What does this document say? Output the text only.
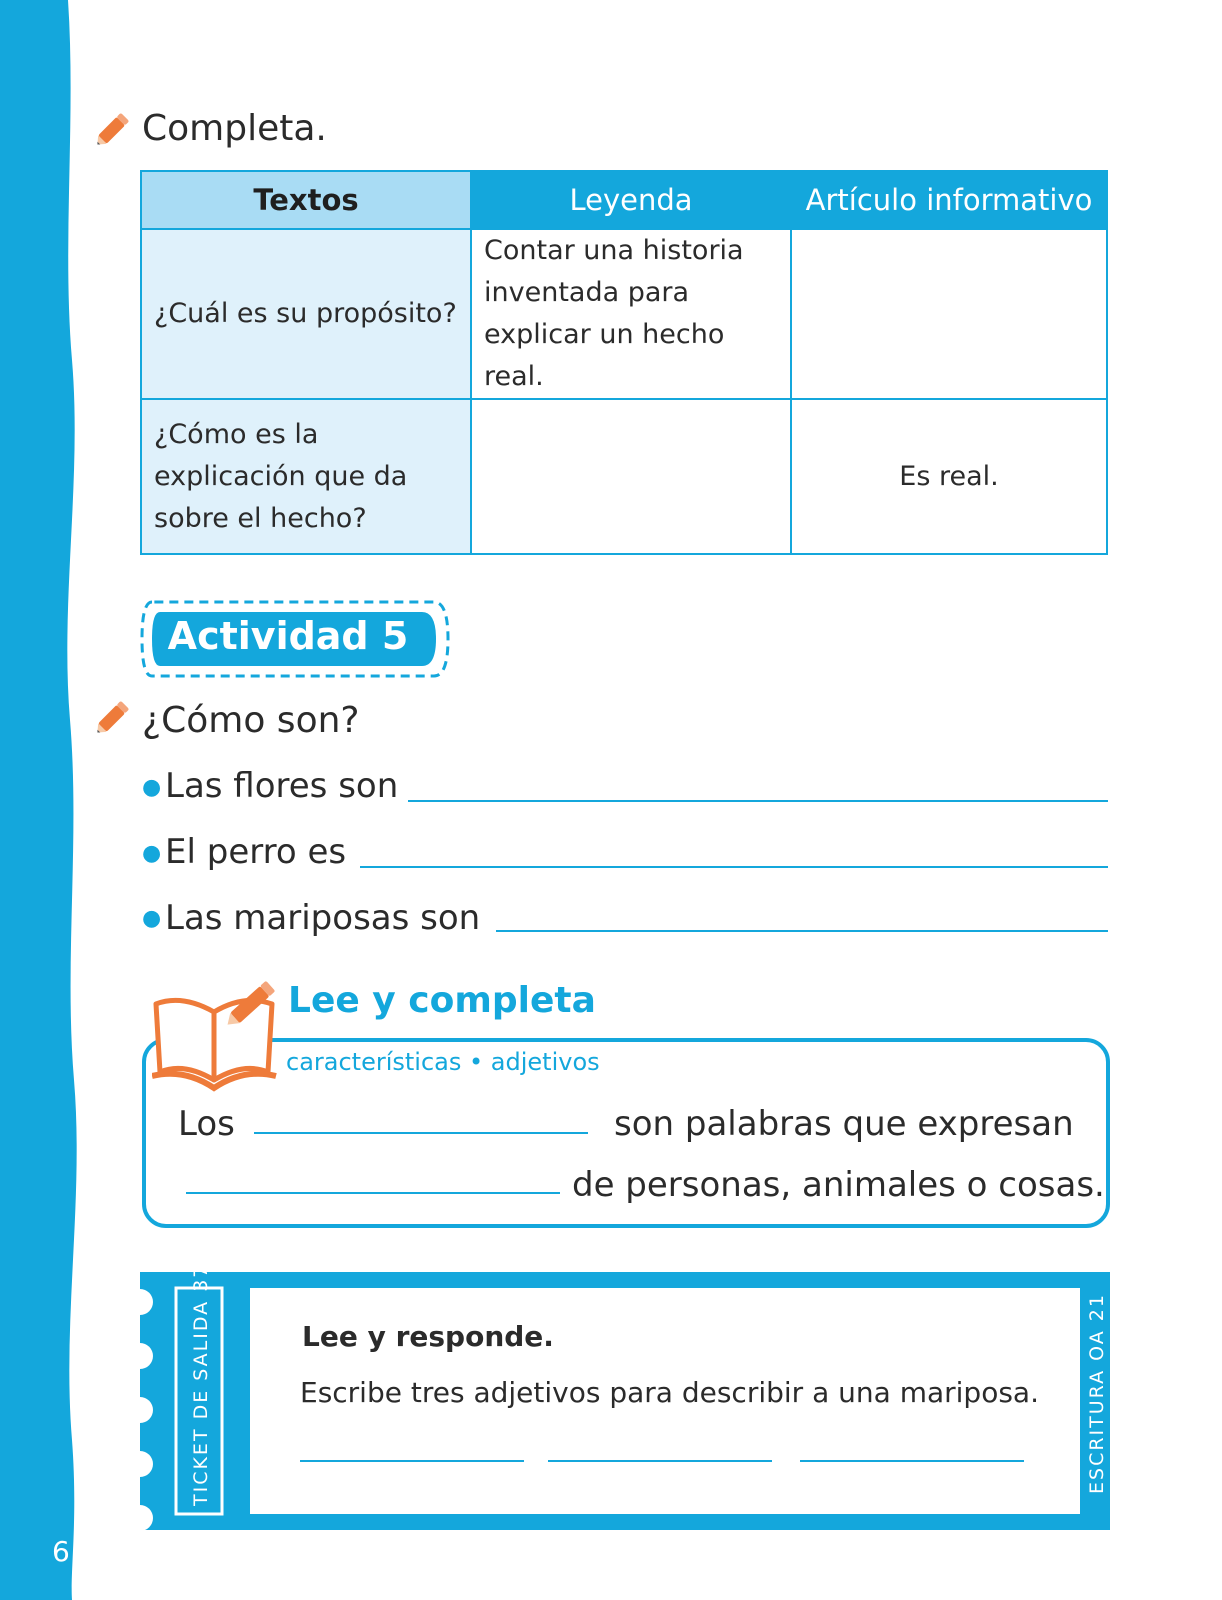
6
Completa.
Textos	Leyenda	Artículo informativo
¿Cuál es su propósito?	Contar una historia inventada para explicar un hecho real.	
¿Cómo es la explicación que da sobre el hecho?		Es real.
Actividad 5
¿Cómo son?
● Las flores son
● El perro es
● Las mariposas son
Lee y completa
características • adjetivos
Los	son palabras que expresan
de personas, animales o cosas.
TICKET DE SALIDA 37	ESCRITURA OA 21
Lee y responde.
Escribe tres adjetivos para describir a una mariposa.
